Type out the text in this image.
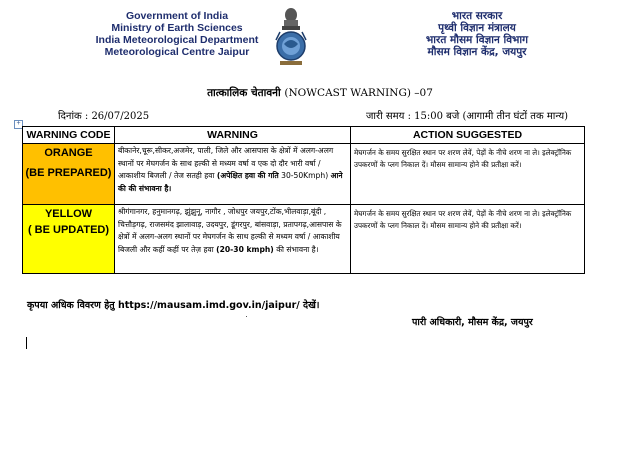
Government of India
Ministry of Earth Sciences
India Meteorological Department
Meteorological Centre Jaipur
भारत सरकार
पृथ्वी विज्ञान मंत्रालय
भारत मौसम विज्ञान विभाग
मौसम विज्ञान केंद्र, जयपुर
तात्कालिक चेतावनी (NOWCAST WARNING) –07
दिनांक : 26/07/2025	जारी समय : 15:00 बजे (आगामी तीन घंटों तक मान्य)
+
WARNING CODE	WARNING	ACTION SUGGESTED

ORANGE
(BE PREPARED)	बीकानेर,चूरू,सीकर,अजमेर, पाली, जिले और आसपास के क्षेत्रों में अलग-अलग स्थानों पर मेघगर्जन के साथ हल्की से मध्यम वर्षा व एक दो दौर भारी वर्षा /आकाशीय बिजली / तेज सतही हवा (अपेक्षित हवा की गति 30-50Kmph) आने की की संभावना है।	मेघगर्जन के समय सुरक्षित स्थान पर शरण लेवें, पेड़ों के नीचे शरण ना ले। इलेक्ट्रॉनिक उपकरणों के प्लग निकाल दें। मौसम सामान्य होने की प्रतीक्षा करें।

YELLOW
( BE UPDATED)	श्रीगंगानगर, हनुमानगढ़, झुंझुनू, नागौर , जोधपुर जयपुर,टोंक,भीलवाड़ा,बूंदी , चित्तौड़गढ़, राजसमंद झालावाड़, उदयपुर, डूंगरपुर, बांसवाड़ा, प्रतापगढ़,आसपास के क्षेत्रों में अलग-अलग स्थानों पर मेघगर्जन के साथ हल्की से मध्यम वर्षा / आकाशीय बिजली और कहीं कहीं पर तेज़ हवा (20-30 kmph) की संभावना है।	मेघगर्जन के समय सुरक्षित स्थान पर शरण लेवें, पेड़ों के नीचे शरण ना ले। इलेक्ट्रॉनिक उपकरणों के प्लग निकाल दें। मौसम सामान्य होने की प्रतीक्षा करें।
कृपया अधिक विवरण हेतु https://mausam.imd.gov.in/jaipur/ देखें।
पारी अधिकारी, मौसम केंद्र, जयपुर
